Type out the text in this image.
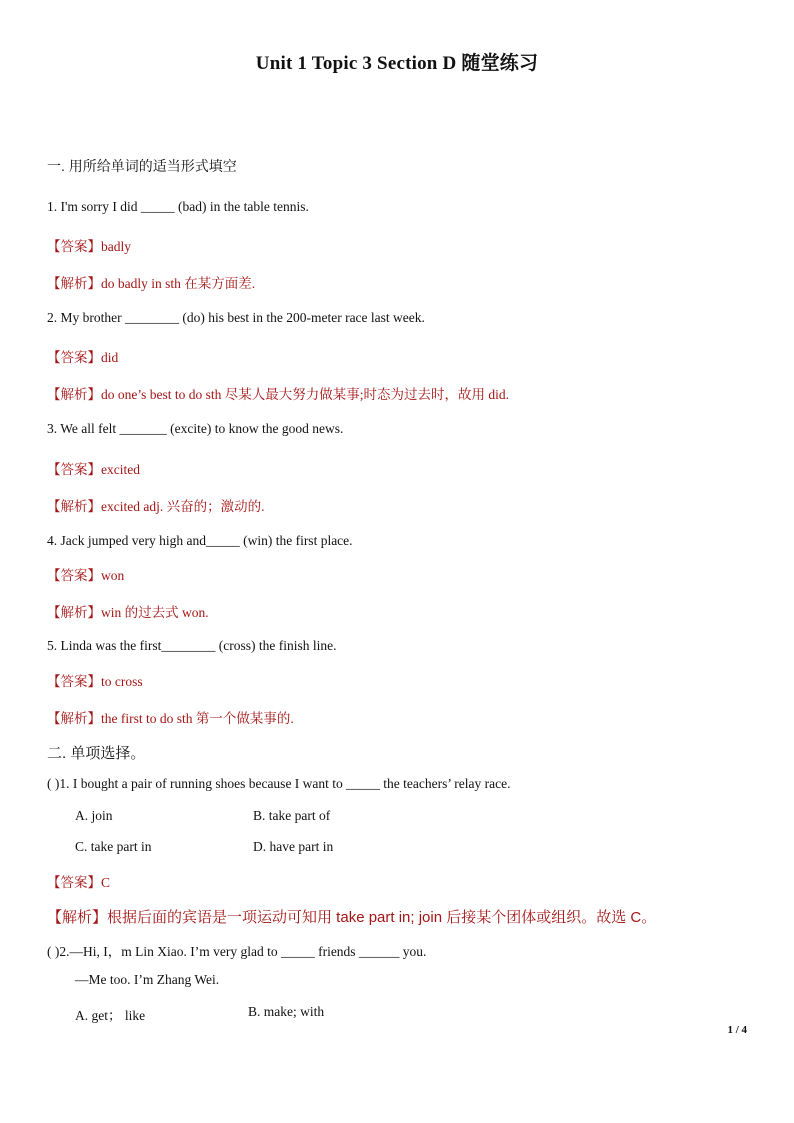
Unit 1 Topic 3 Section D 随堂练习
一. 用所给单词的适当形式填空
1. I'm sorry I did _____ (bad) in the table tennis.
【答案】badly
【解析】do badly in sth 在某方面差.
2. My brother ________ (do) his best in the 200-meter race last week.
【答案】did
【解析】do one’s best to do sth 尽某人最大努力做某事;时态为过去时，故用 did.
3. We all felt _______ (excite) to know the good news.
【答案】excited
【解析】excited adj. 兴奋的；激动的.
4. Jack jumped very high and_____ (win) the first place.
【答案】won
【解析】win 的过去式 won.
5. Linda was the first________ (cross) the finish line.
【答案】to cross
【解析】the first to do sth 第一个做某事的.
二. 单项选择。
( )1. I bought a pair of running shoes because I want to _____ the teachers’ relay race.
A. join	B. take part of
C. take part in	D. have part in
【答案】C
【解析】根据后面的宾语是一项运动可知用 take part in; join 后接某个团体或组织。故选 C。
( )2.—Hi, I，m Lin Xiao. I’m very glad to _____ friends ______ you.
—Me too. I’m Zhang Wei.
A. get； like	B. make; with
1 / 4
